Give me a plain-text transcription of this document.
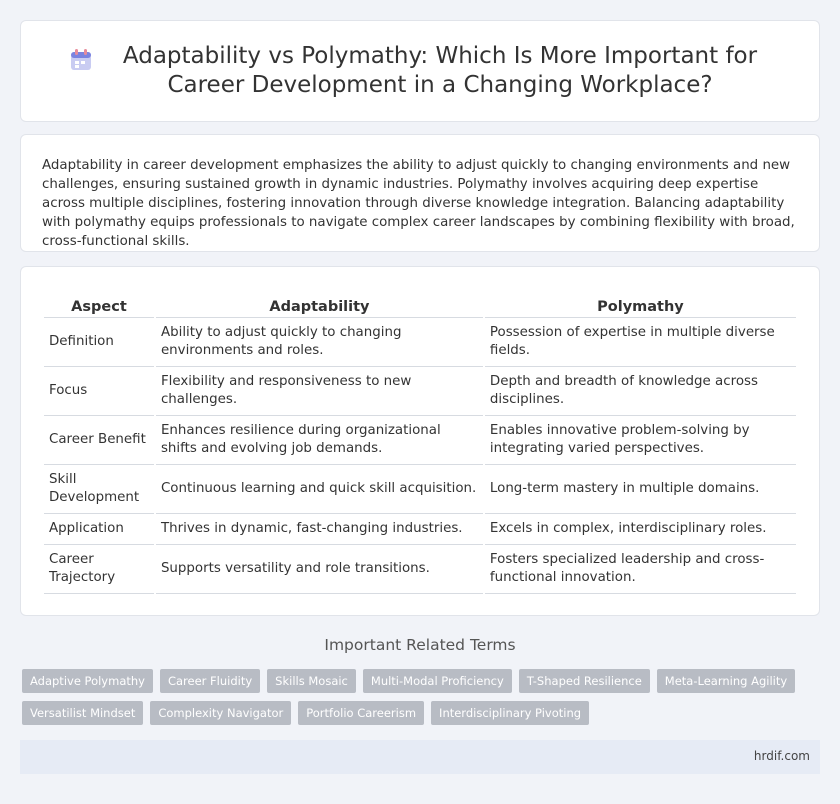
Adaptability vs Polymathy: Which Is More Important for Career Development in a Changing Workplace?

Adaptability in career development emphasizes the ability to adjust quickly to changing environments and new challenges, ensuring sustained growth in dynamic industries. Polymathy involves acquiring deep expertise across multiple disciplines, fostering innovation through diverse knowledge integration. Balancing adaptability with polymathy equips professionals to navigate complex career landscapes by combining flexibility with broad, cross-functional skills.

Aspect	Adaptability	Polymathy
Definition	Ability to adjust quickly to changing environments and roles.	Possession of expertise in multiple diverse fields.
Focus	Flexibility and responsiveness to new challenges.	Depth and breadth of knowledge across disciplines.
Career Benefit	Enhances resilience during organizational shifts and evolving job demands.	Enables innovative problem-solving by integrating varied perspectives.
Skill Development	Continuous learning and quick skill acquisition.	Long-term mastery in multiple domains.
Application	Thrives in dynamic, fast-changing industries.	Excels in complex, interdisciplinary roles.
Career Trajectory	Supports versatility and role transitions.	Fosters specialized leadership and cross-functional innovation.
Important Related Terms
Adaptive Polymathy	Career Fluidity	Skills Mosaic	Multi-Modal Proficiency	T-Shaped Resilience	Meta-Learning Agility
Versatilist Mindset	Complexity Navigator	Portfolio Careerism	Interdisciplinary Pivoting
hrdif.com
